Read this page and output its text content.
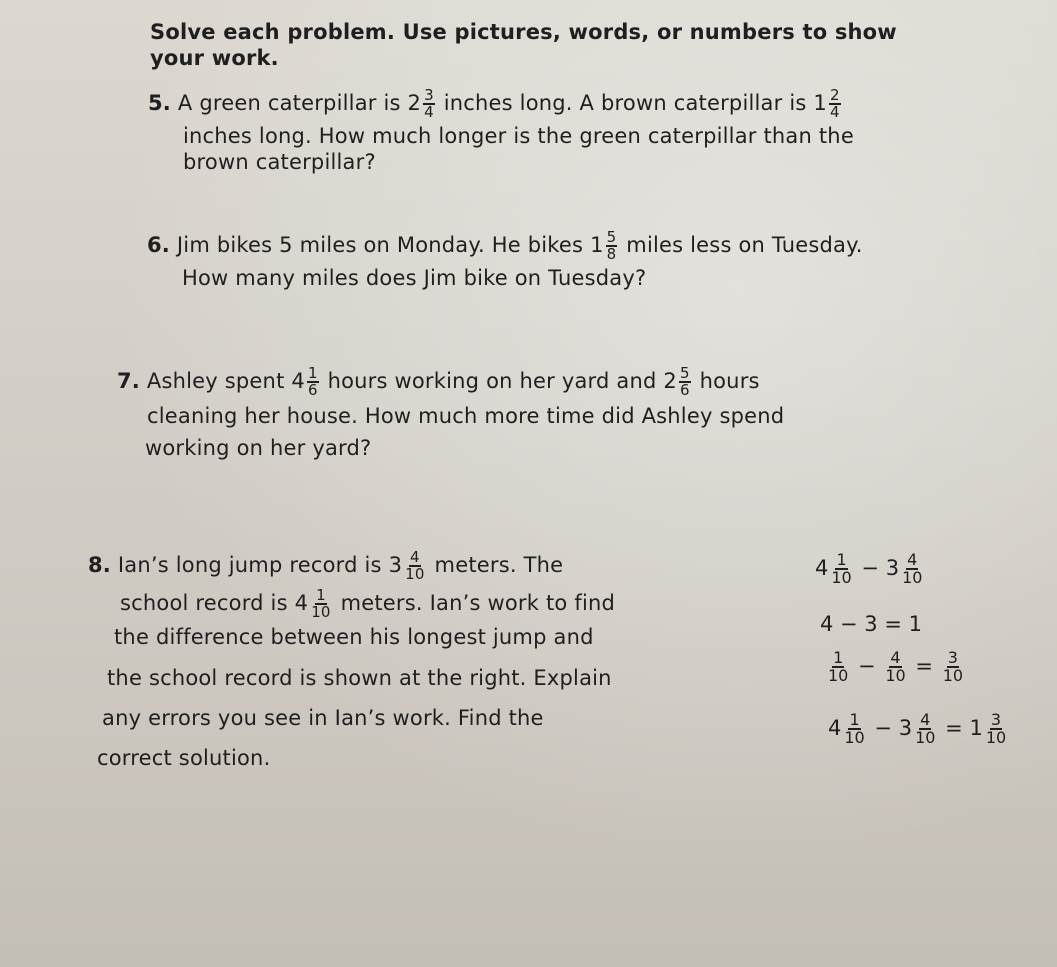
Solve each problem. Use pictures, words, or numbers to show
your work.
5. A green caterpillar is $2 \frac{3}{4}$ inches long. A brown caterpillar is $1 \frac{2}{4}$
inches long. How much longer is the green caterpillar than the
brown caterpillar?
6. Jim bikes 5 miles on Monday. He bikes $1 \frac{5}{8}$ miles less on Tuesday.
How many miles does Jim bike on Tuesday?
7. Ashley spent $4 \frac{1}{6}$ hours working on her yard and $2 \frac{5}{6}$ hours
cleaning her house. How much more time did Ashley spend
working on her yard?
8. Ian’s long jump record is $3 \frac{4}{10}$ meters. The
school record is $4 \frac{1}{10}$ meters. Ian’s work to find
the difference between his longest jump and
the school record is shown at the right. Explain
any errors you see in Ian’s work. Find the
correct solution.
$4 \frac{1}{10} - 3 \frac{4}{10}$
4 − 3 = 1
$\frac{1}{10} - \frac{4}{10} = \frac{3}{10}$
$4 \frac{1}{10} - 3 \frac{4}{10} = 1 \frac{3}{10}$
